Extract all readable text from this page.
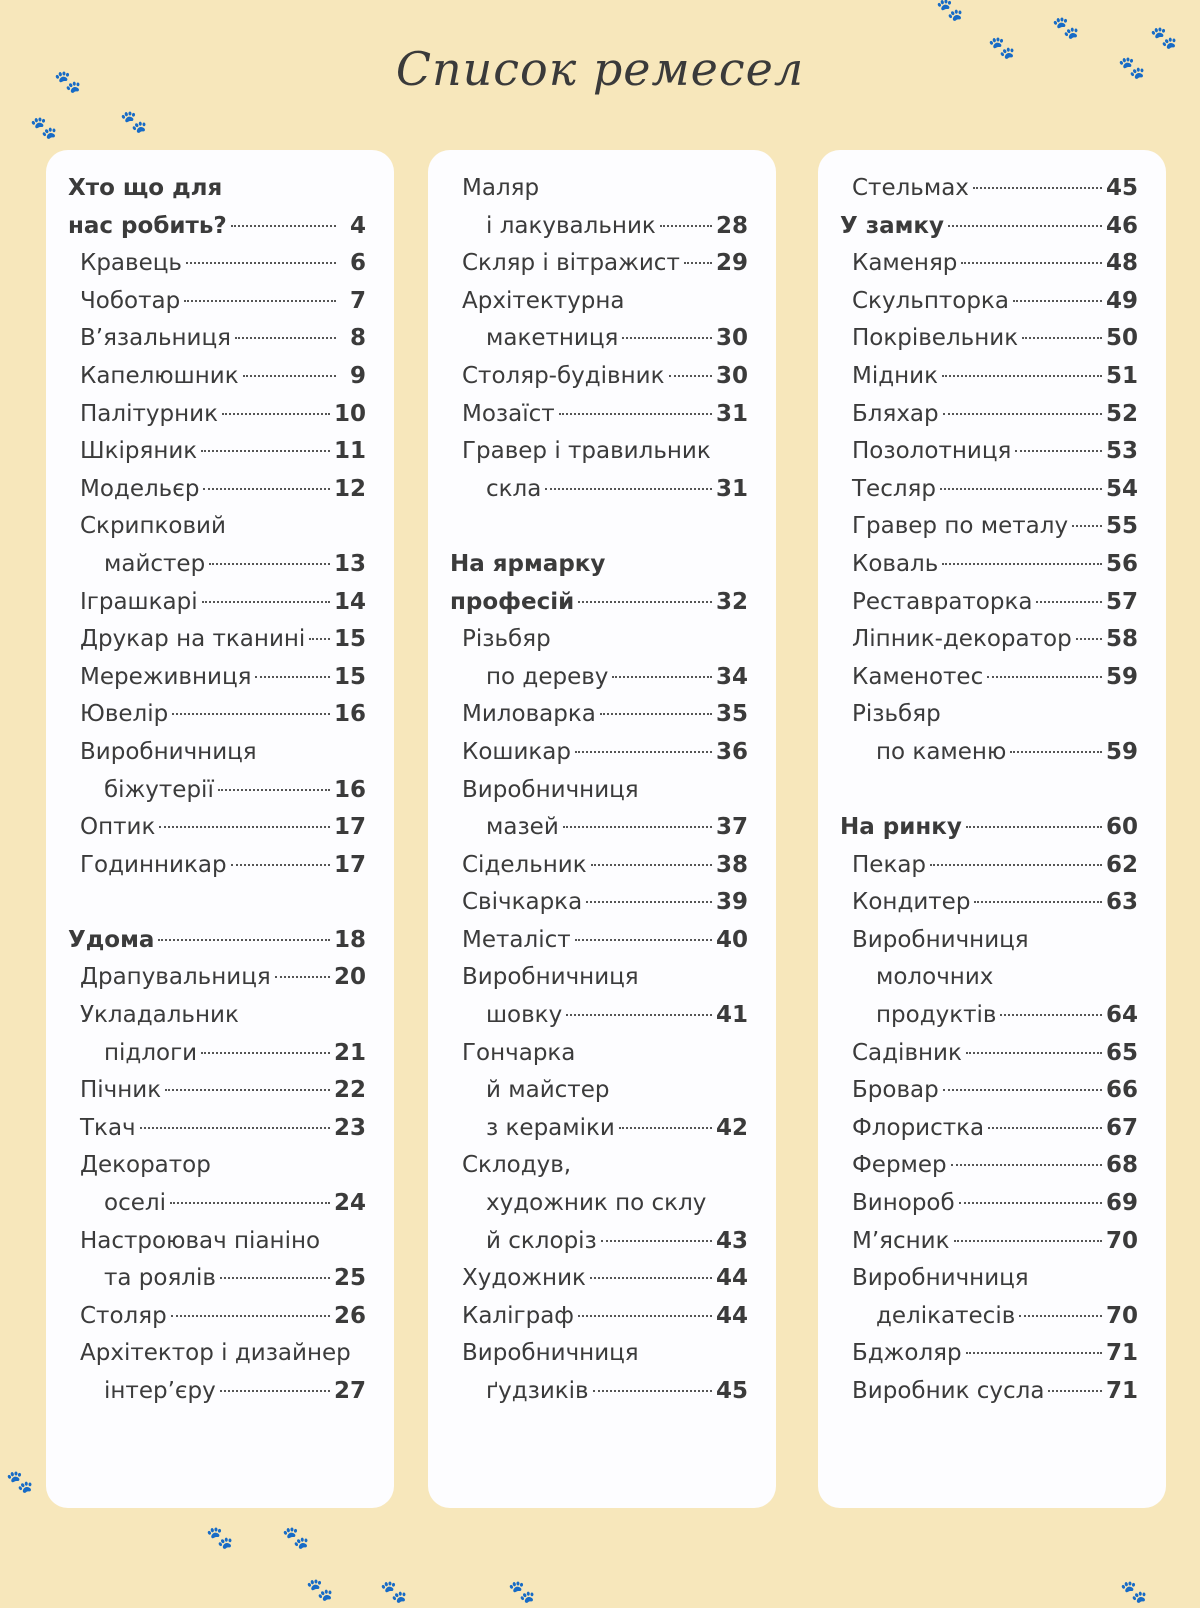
Список ремесел
🐾
🐾	🐾
🐾
🐾
🐾
🐾
🐾
🐾
🐾 🐾
🐾 🐾	🐾	🐾
Хто що для
нас робить?	4
Кравець	6
Чоботар	7
В’язальниця	8
Капелюшник	9
Палітурник	10
Шкіряник	11
Модельєр	12
Скрипковий
майстер	13
Іграшкарі	14
Друкар на тканині 15
Мереживниця	15
Ювелір	16
Виробничниця
біжутерії	16
Оптик	17
Годинникар	17
Удома	18
Драпувальниця	20
Укладальник
підлоги	21
Пічник	22
Ткач	23
Декоратор
оселі	24
Настроювач піаніно
та роялів	25
Столяр	26
Архітектор і дизайнер
інтер’єру	27
Маляр
і лакувальник	28
Скляр і вітражист 29
Архітектурна
макетниця	30
Столяр-будівник 30
Мозаїст	31
Гравер і травильник
скла	31
На ярмарку
професій	32
Різьбяр
по дереву	34
Миловарка	35
Кошикар	36
Виробничниця
мазей	37
Сідельник	38
Свічкарка	39
Металіст	40
Виробничниця
шовку	41
Гончарка
й майстер
з кераміки	42
Склодув,
художник по склу
й склоріз	43
Художник	44
Каліграф	44
Виробничниця
ґудзиків	45
Стельмах	45
У замку	46
Каменяр	48
Скульпторка	49
Покрівельник	50
Мідник	51
Бляхар	52
Позолотниця	53
Тесляр	54
Гравер по металу 55
Коваль	56
Реставраторка	57
Ліпник-декоратор 58
Каменотес	59
Різьбяр
по каменю	59
На ринку	60
Пекар	62
Кондитер	63
Виробничниця
молочних
продуктів	64
Садівник	65
Бровар	66
Флористка	67
Фермер	68
Винороб	69
М’ясник	70
Виробничниця
делікатесів	70
Бджоляр	71
Виробник сусла	71
